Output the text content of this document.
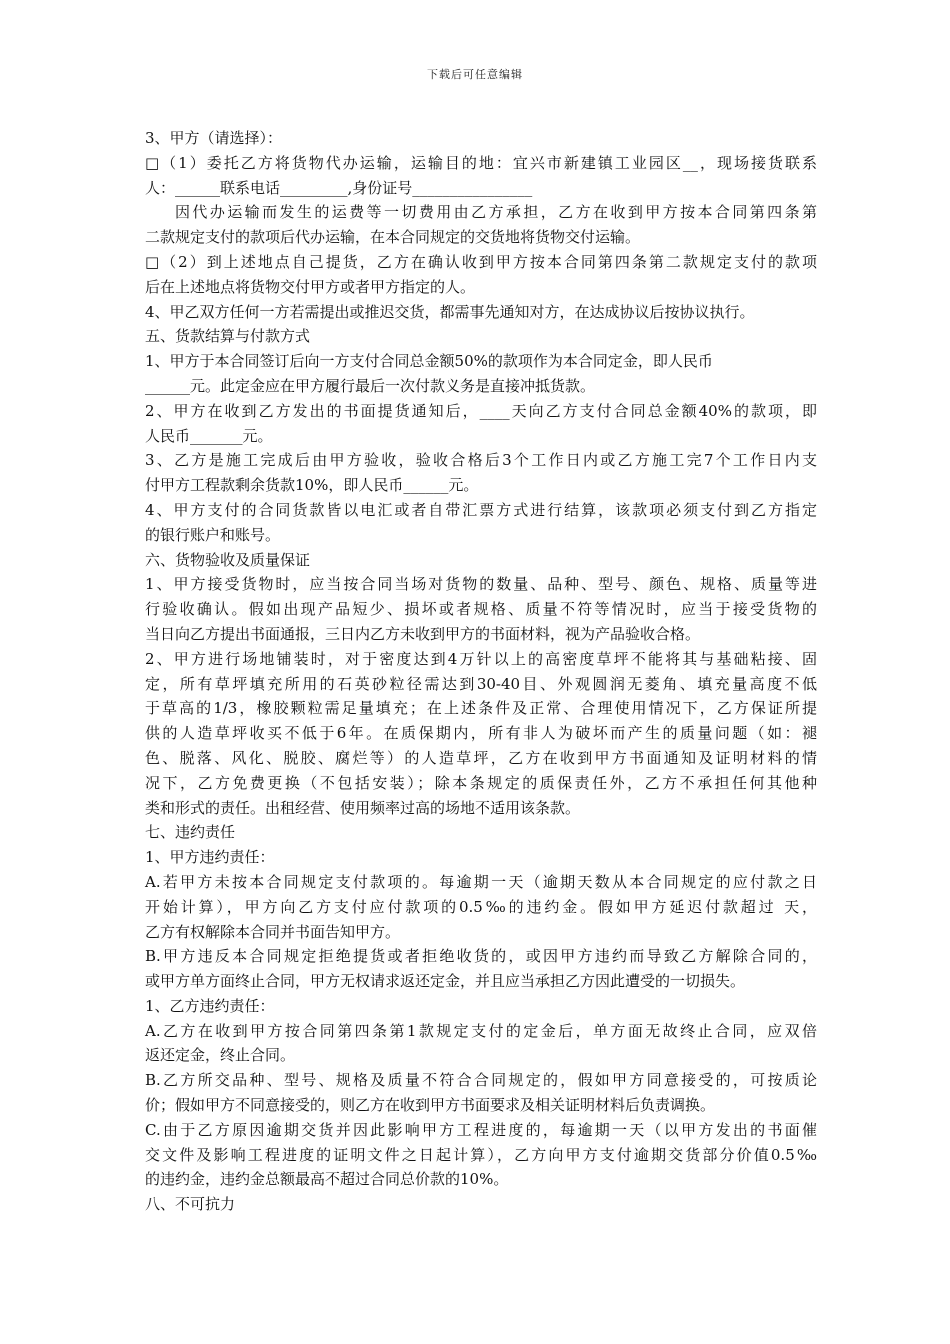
下载后可任意编辑
3、甲方（请选择）：
□（1）委托乙方将货物代办运输，运输目的地：宜兴市新建镇工业园区__，现场接货联系
人：______联系电话_________,身份证号________________
因代办运输而发生的运费等一切费用由乙方承担，乙方在收到甲方按本合同第四条第
二款规定支付的款项后代办运输，在本合同规定的交货地将货物交付运输。
□（2）到上述地点自己提货，乙方在确认收到甲方按本合同第四条第二款规定支付的款项
后在上述地点将货物交付甲方或者甲方指定的人。
4、甲乙双方任何一方若需提出或推迟交货，都需事先通知对方，在达成协议后按协议执行。
五、货款结算与付款方式
1、甲方于本合同签订后向一方支付合同总金额50%的款项作为本合同定金，即人民币
______元。此定金应在甲方履行最后一次付款义务是直接冲抵货款。
2、甲方在收到乙方发出的书面提货通知后，____天向乙方支付合同总金额40%的款项，即
人民币_______元。
3、乙方是施工完成后由甲方验收，验收合格后3个工作日内或乙方施工完7个工作日内支
付甲方工程款剩余货款10%，即人民币______元。
4、甲方支付的合同货款皆以电汇或者自带汇票方式进行结算，该款项必须支付到乙方指定
的银行账户和账号。
六、货物验收及质量保证
1、甲方接受货物时，应当按合同当场对货物的数量、品种、型号、颜色、规格、质量等进
行验收确认。假如出现产品短少、损坏或者规格、质量不符等情况时，应当于接受货物的
当日向乙方提出书面通报，三日内乙方未收到甲方的书面材料，视为产品验收合格。
2、甲方进行场地铺装时，对于密度达到4万针以上的高密度草坪不能将其与基础粘接、固
定，所有草坪填充所用的石英砂粒径需达到30-40目、外观圆润无菱角、填充量高度不低
于草高的1/3，橡胶颗粒需足量填充；在上述条件及正常、合理使用情况下，乙方保证所提
供的人造草坪收买不低于6年。在质保期内，所有非人为破坏而产生的质量问题（如：褪
色、脱落、风化、脱胶、腐烂等）的人造草坪，乙方在收到甲方书面通知及证明材料的情
况下，乙方免费更换（不包括安装）；除本条规定的质保责任外，乙方不承担任何其他种
类和形式的责任。出租经营、使用频率过高的场地不适用该条款。
七、违约责任
1、甲方违约责任：
A.若甲方未按本合同规定支付款项的。每逾期一天（逾期天数从本合同规定的应付款之日
开始计算），甲方向乙方支付应付款项的0.5‰的违约金。假如甲方延迟付款超过 天，
乙方有权解除本合同并书面告知甲方。
B.甲方违反本合同规定拒绝提货或者拒绝收货的，或因甲方违约而导致乙方解除合同的，
或甲方单方面终止合同，甲方无权请求返还定金，并且应当承担乙方因此遭受的一切损失。
1、乙方违约责任：
A.乙方在收到甲方按合同第四条第1款规定支付的定金后，单方面无故终止合同，应双倍
返还定金，终止合同。
B.乙方所交品种、型号、规格及质量不符合合同规定的，假如甲方同意接受的，可按质论
价；假如甲方不同意接受的，则乙方在收到甲方书面要求及相关证明材料后负责调换。
C.由于乙方原因逾期交货并因此影响甲方工程进度的，每逾期一天（以甲方发出的书面催
交文件及影响工程进度的证明文件之日起计算），乙方向甲方支付逾期交货部分价值0.5‰
的违约金，违约金总额最高不超过合同总价款的10%。
八、不可抗力
